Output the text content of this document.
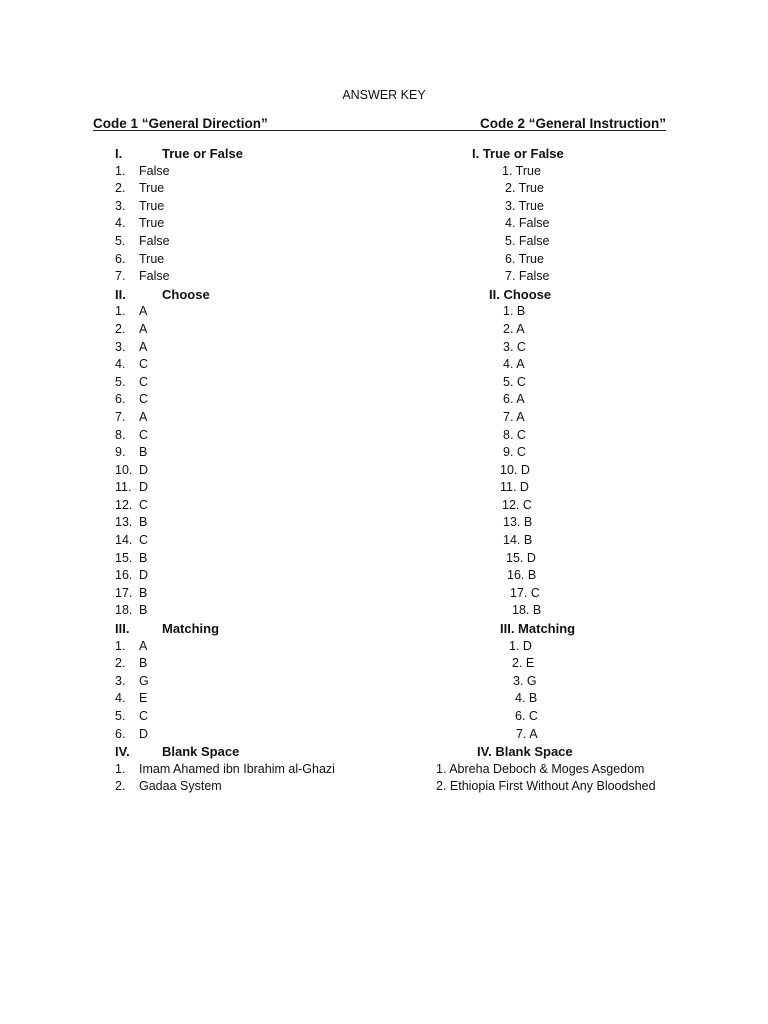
ANSWER KEY
Code 1 “General Direction”	Code 2 “General Instruction”
I.	True or False
1. False
2. True
3. True
4. True
5. False
6. True
7. False
II.	Choose
1. A
2. A
3. A
4. C
5. C
6. C
7. A
8. C
9. B
10. D
11. D
12. C
13. B
14. C
15. B
16. D
17. B
18. B
III.	Matching
1. A
2. B
3. G
4. E
5. C
6. D
IV. Blank Space
1. Imam Ahamed ibn Ibrahim al-Ghazi
2. Gadaa System
I. True or False
1. True
2. True
3. True
4. False
5. False
6. True
7. False
II. Choose
1. B
2. A
3. C
4. A
5. C
6. A
7. A
8. C
9. C
10. D
11. D
12. C
13. B
14. B
15. D
16. B
17. C
18. B
III. Matching
1. D
2. E
3. G
4. B
6. C
7. A
IV. Blank Space
1. Abreha Deboch & Moges Asgedom
2. Ethiopia First Without Any Bloodshed
